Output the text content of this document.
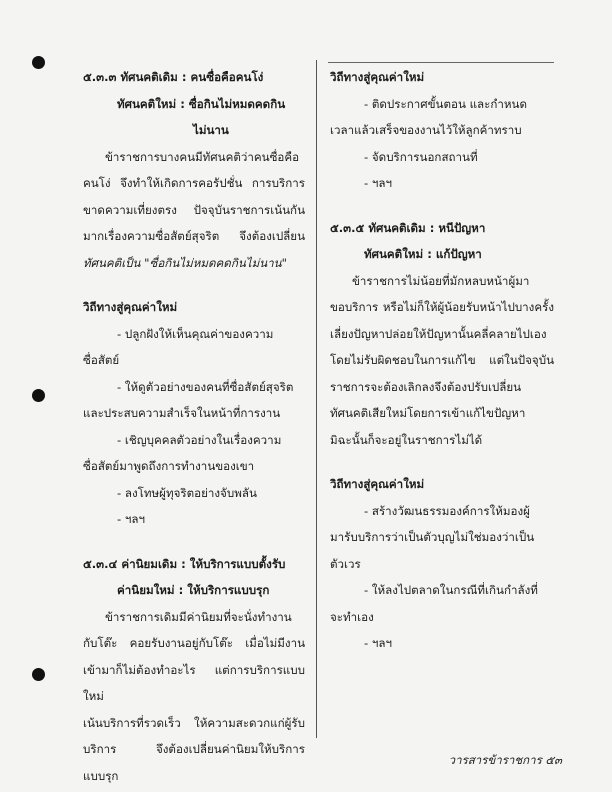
๕.๓.๓ ทัศนคติเดิม : คนซื่อคือคนโง่
ทัศนคติใหม่ : ซื่อกินไม่หมดคดกิน
ไม่นาน
ข้าราชการบางคนมีทัศนคติว่าคนซื่อคือ
คนโง่ จึงทำให้เกิดการคอรัปชั่น การบริการ
ขาดความเที่ยงตรง ปัจจุบันราชการเน้นกัน
มากเรื่องความซื่อสัตย์สุจริต จึงต้องเปลี่ยน
ทัศนคติเป็น "ซื่อกินไม่หมดคดกินไม่นาน"
วิถีทางสู่คุณค่าใหม่
- ปลูกฝังให้เห็นคุณค่าของความ
ซื่อสัตย์
- ให้ดูตัวอย่างของคนที่ซื่อสัตย์สุจริต
และประสบความสำเร็จในหน้าที่การงาน
- เชิญบุคคลตัวอย่างในเรื่องความ
ซื่อสัตย์มาพูดถึงการทำงานของเขา
- ลงโทษผู้ทุจริตอย่างจับพลัน
- ฯลฯ
๕.๓.๔ ค่านิยมเดิม : ให้บริการแบบตั้งรับ
ค่านิยมใหม่ : ให้บริการแบบรุก
ข้าราชการเดิมมีค่านิยมที่จะนั่งทำงาน
กับโต๊ะ คอยรับงานอยู่กับโต๊ะ เมื่อไม่มีงาน
เข้ามาก็ไม่ต้องทำอะไร แต่การบริการแบบใหม่
เน้นบริการที่รวดเร็ว ให้ความสะดวกแก่ผู้รับ
บริการ จึงต้องเปลี่ยนค่านิยมให้บริการ
แบบรุก
วิถีทางสู่คุณค่าใหม่
- ติดประกาศขั้นตอน และกำหนด
เวลาแล้วเสร็จของงานไว้ให้ลูกค้าทราบ
- จัดบริการนอกสถานที่
- ฯลฯ
๕.๓.๕ ทัศนคติเดิม : หนีปัญหา
ทัศนคติใหม่ : แก้ปัญหา
ข้าราชการไม่น้อยที่มักหลบหน้าผู้มา
ขอบริการ หรือไม่ก็ให้ผู้น้อยรับหน้าไปบางครั้ง
เลี่ยงปัญหาปล่อยให้ปัญหานั้นคลี่คลายไปเอง
โดยไม่รับผิดชอบในการแก้ไข แต่ในปัจจุบัน
ราชการจะต้องเลิกลงจึงต้องปรับเปลี่ยน
ทัศนคติเสียใหม่โดยการเข้าแก้ไขปัญหา
มิฉะนั้นก็จะอยู่ในราชการไม่ได้
วิถีทางสู่คุณค่าใหม่
- สร้างวัฒนธรรมองค์การให้มองผู้
มารับบริการว่าเป็นตัวบุญไม่ใช่มองว่าเป็น
ตัวเวร
- ให้ลงไปตลาดในกรณีที่เกินกำลังที่
จะทำเอง
- ฯลฯ
วารสารข้าราชการ ๕๓
